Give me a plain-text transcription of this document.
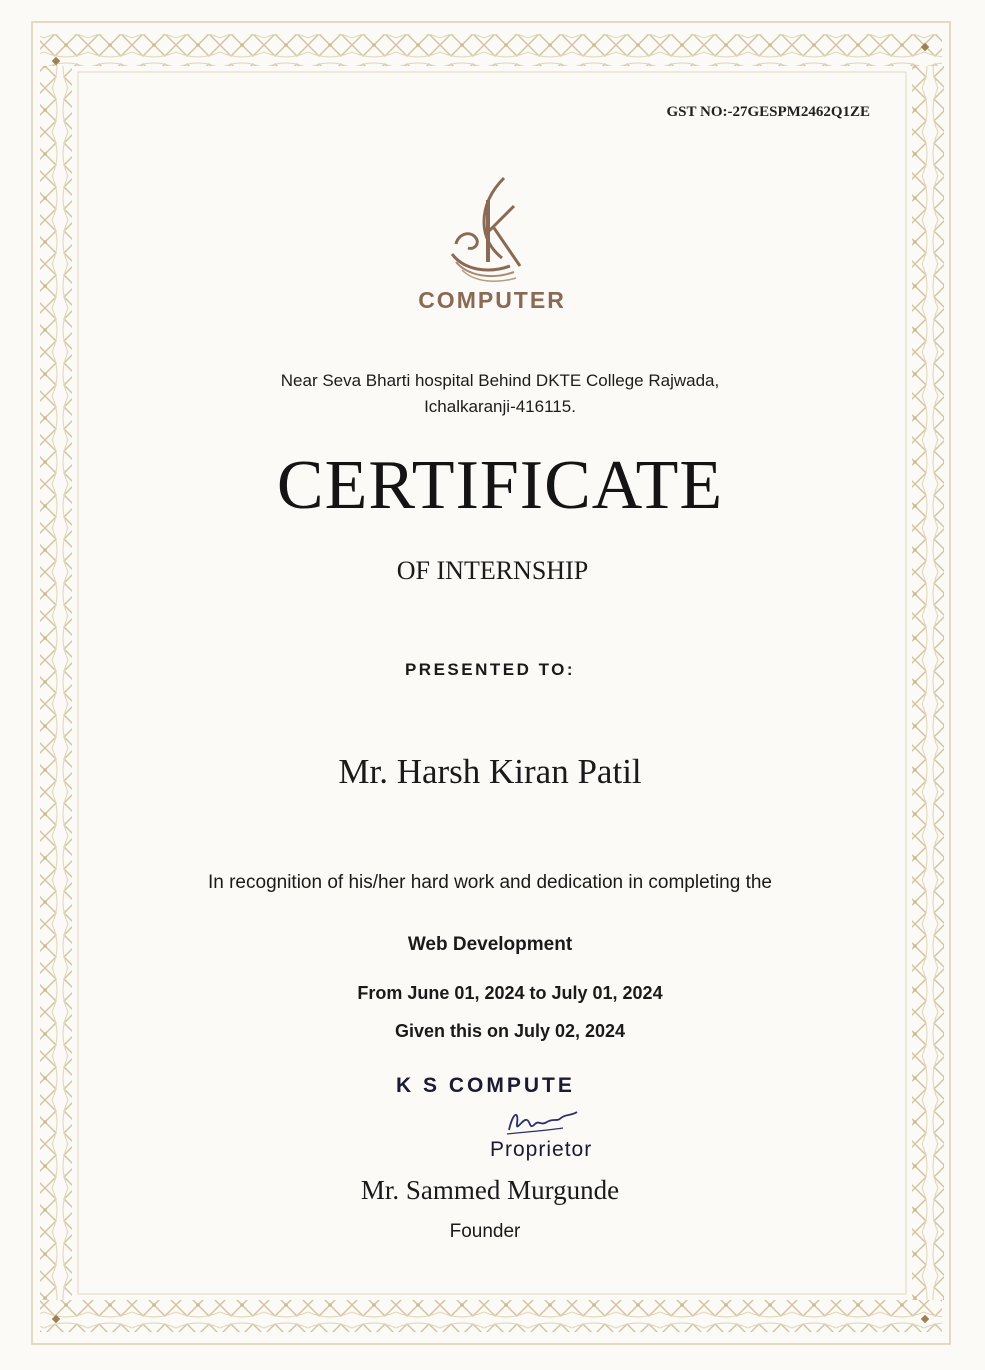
GST NO:-27GESPM2462Q1ZE
COMPUTER
Near Seva Bharti hospital Behind DKTE College Rajwada,
Ichalkaranji-416115.
CERTIFICATE
OF INTERNSHIP
PRESENTED TO:
Mr. Harsh Kiran Patil
In recognition of his/her hard work and dedication in completing the
Web Development
From June 01, 2024 to July 01, 2024
Given this on July 02, 2024
K S COMPUTE
Proprietor
Mr. Sammed Murgunde
Founder
